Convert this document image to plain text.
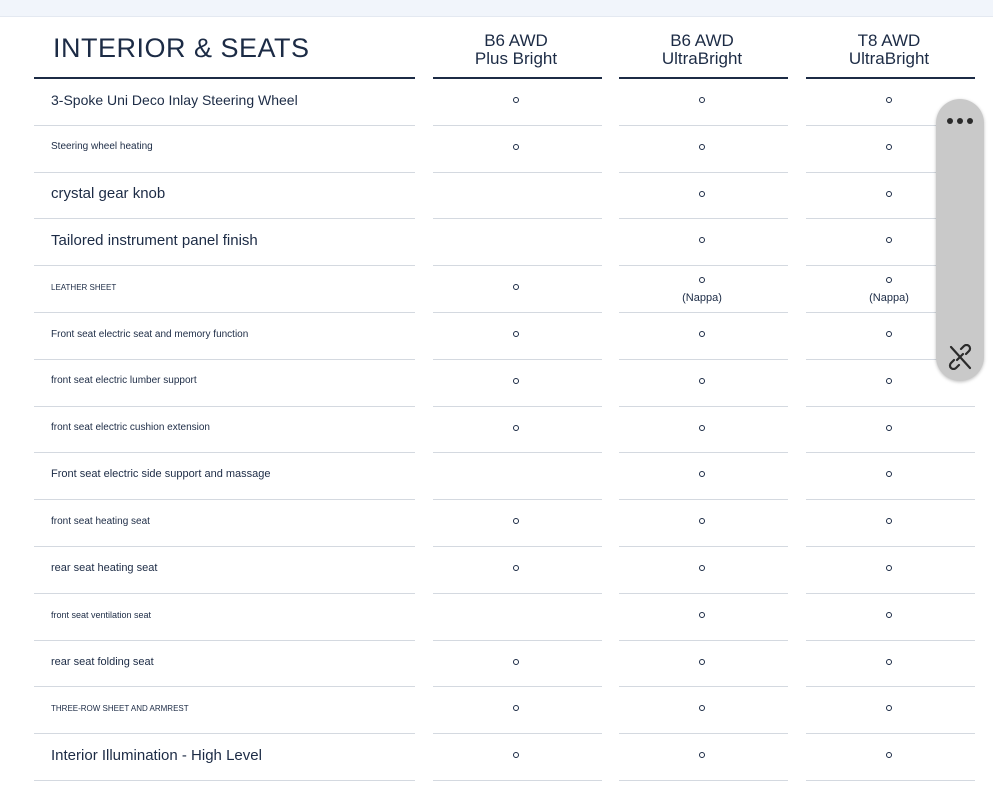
INTERIOR & SEATS	B6 AWD
Plus Bright
B6 AWD
UltraBright
T8 AWD
UltraBright
3-Spoke Uni Deco Inlay Steering Wheel
Steering wheel heating
crystal gear knob
Tailored instrument panel finish
LEATHER SHEET
(Nappa)	(Nappa)
Front seat electric seat and memory function
front seat electric lumber support
front seat electric cushion extension
Front seat electric side support and massage
front seat heating seat
rear seat heating seat
front seat ventilation seat
rear seat folding seat
THREE-ROW SHEET AND ARMREST
Interior Illumination - High Level
